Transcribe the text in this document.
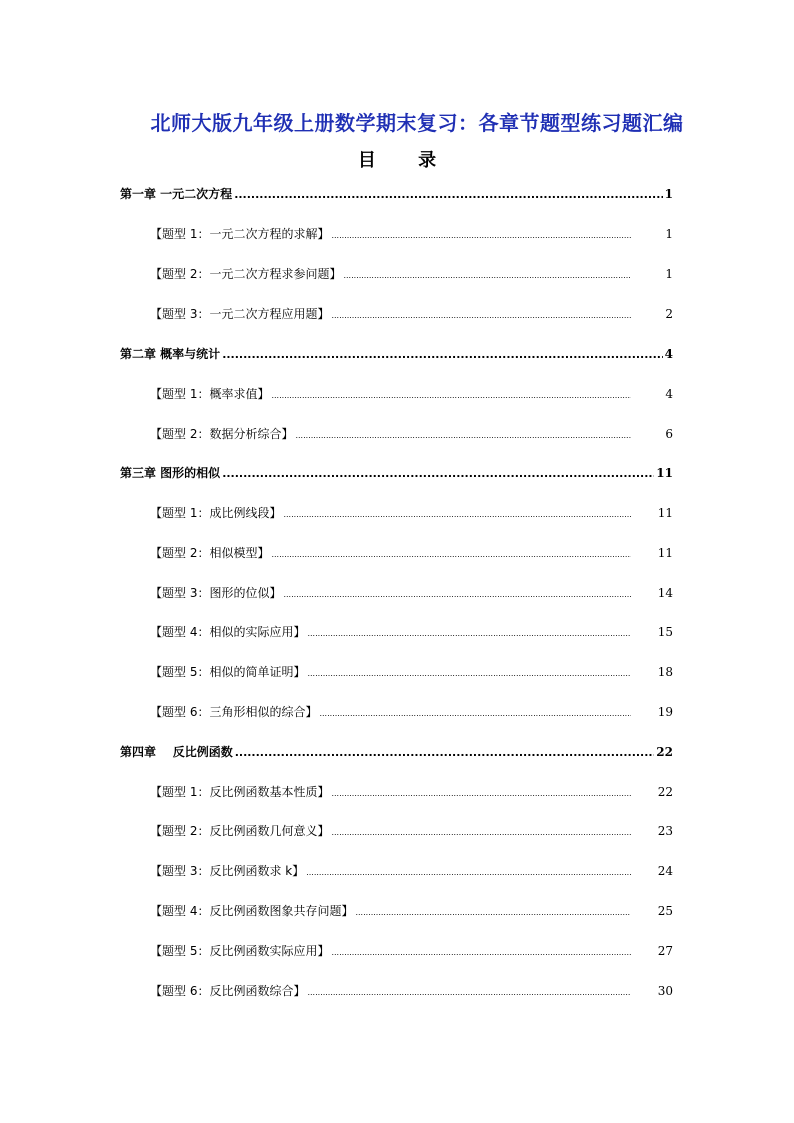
北师大版九年级上册数学期末复习：各章节题型练习题汇编
目 录
第一章 一元二次方程 .....	1
【题型 1：一元二次方程的求解】 .....	1
【题型 2：一元二次方程求参问题】 .....	1
【题型 3：一元二次方程应用题】 .....	2
第二章 概率与统计 .....	4
【题型 1：概率求值】 .....	4
【题型 2：数据分析综合】 .....	6
第三章 图形的相似 .....	11
【题型 1：成比例线段】 .....	11
【题型 2：相似模型】 .....	11
【题型 3：图形的位似】 .....	14
【题型 4：相似的实际应用】 .....	15
【题型 5：相似的简单证明】 .....	18
【题型 6：三角形相似的综合】 .....	19
第四章    反比例函数 .....	22
【题型 1：反比例函数基本性质】 .....	22
【题型 2：反比例函数几何意义】 .....	23
【题型 3：反比例函数求 k】 .....	24
【题型 4：反比例函数图象共存问题】 .....	25
【题型 5：反比例函数实际应用】 .....	27
【题型 6：反比例函数综合】 .....	30
